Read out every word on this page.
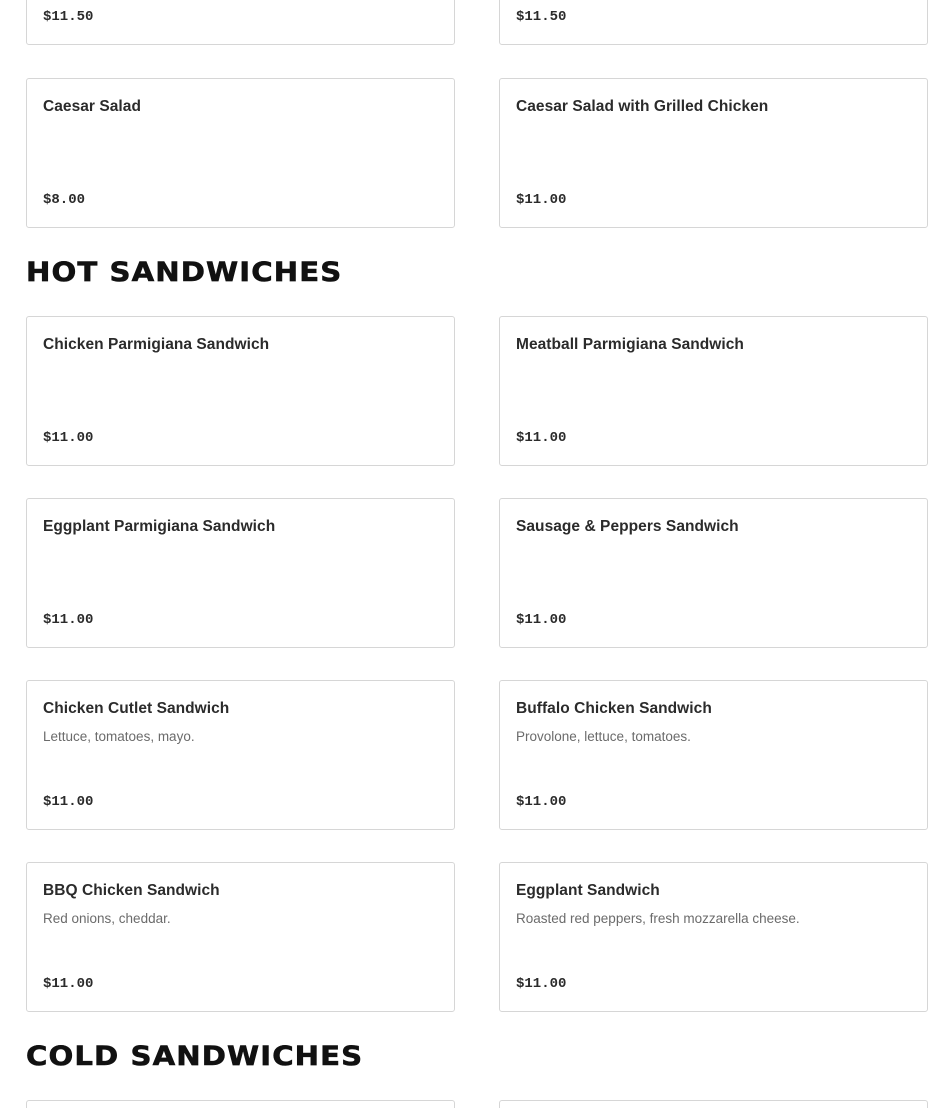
$11.50	$11.50
Caesar Salad
$8.00
Caesar Salad with Grilled Chicken
$11.00
HOT SANDWICHES
Chicken Parmigiana Sandwich
$11.00
Meatball Parmigiana Sandwich
$11.00
Eggplant Parmigiana Sandwich
$11.00
Sausage & Peppers Sandwich
$11.00
Chicken Cutlet Sandwich
Lettuce, tomatoes, mayo.
$11.00
Buffalo Chicken Sandwich
Provolone, lettuce, tomatoes.
$11.00
BBQ Chicken Sandwich
Red onions, cheddar.
$11.00
Eggplant Sandwich
Roasted red peppers, fresh mozzarella cheese.
$11.00
COLD SANDWICHES
